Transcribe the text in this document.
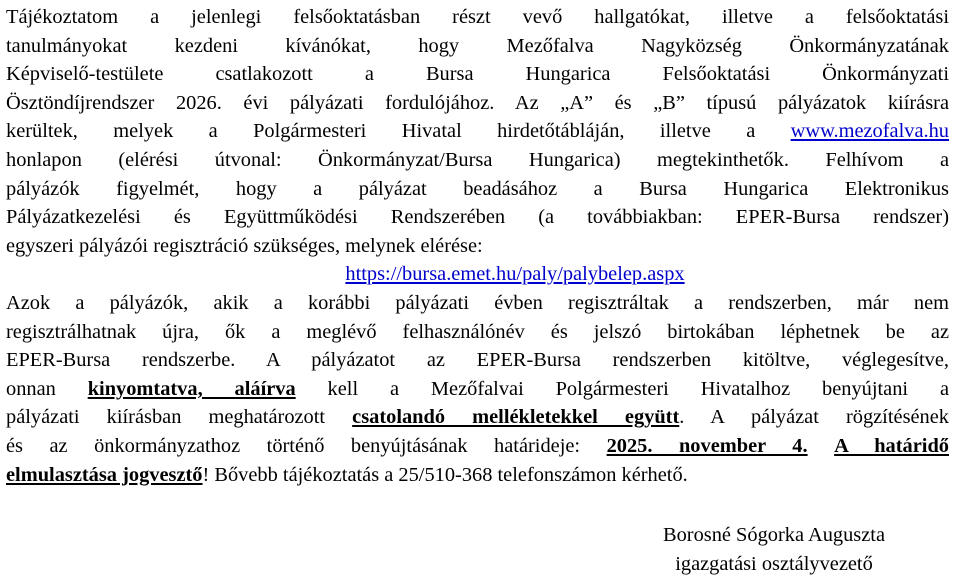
Tájékoztatom a jelenlegi felsőoktatásban részt vevő hallgatókat, illetve a felsőoktatási
tanulmányokat kezdeni kívánókat, hogy Mezőfalva Nagyközség Önkormányzatának
Képviselő-testülete csatlakozott a Bursa Hungarica Felsőoktatási Önkormányzati
Ösztöndíjrendszer 2026. évi pályázati fordulójához. Az „A” és „B” típusú pályázatok kiírásra
kerültek, melyek a Polgármesteri Hivatal hirdetőtábláján, illetve a www.mezofalva.hu
honlapon (elérési útvonal: Önkormányzat/Bursa Hungarica) megtekinthetők. Felhívom a
pályázók figyelmét, hogy a pályázat beadásához a Bursa Hungarica Elektronikus
Pályázatkezelési és Együttműködési Rendszerében (a továbbiakban: EPER-Bursa rendszer)
egyszeri pályázói regisztráció szükséges, melynek elérése:
https://bursa.emet.hu/paly/palybelep.aspx
Azok a pályázók, akik a korábbi pályázati évben regisztráltak a rendszerben, már nem
regisztrálhatnak újra, ők a meglévő felhasználónév és jelszó birtokában léphetnek be az
EPER-Bursa rendszerbe. A pályázatot az EPER-Bursa rendszerben kitöltve, véglegesítve,
onnan kinyomtatva, aláírva kell a Mezőfalvai Polgármesteri Hivatalhoz benyújtani a
pályázati kiírásban meghatározott csatolandó mellékletekkel együtt. A pályázat rögzítésének
és az önkormányzathoz történő benyújtásának határideje: 2025. november 4. A határidő
elmulasztása jogvesztő! Bővebb tájékoztatás a 25/510-368 telefonszámon kérhető.
Borosné Sógorka Auguszta
igazgatási osztályvezető
